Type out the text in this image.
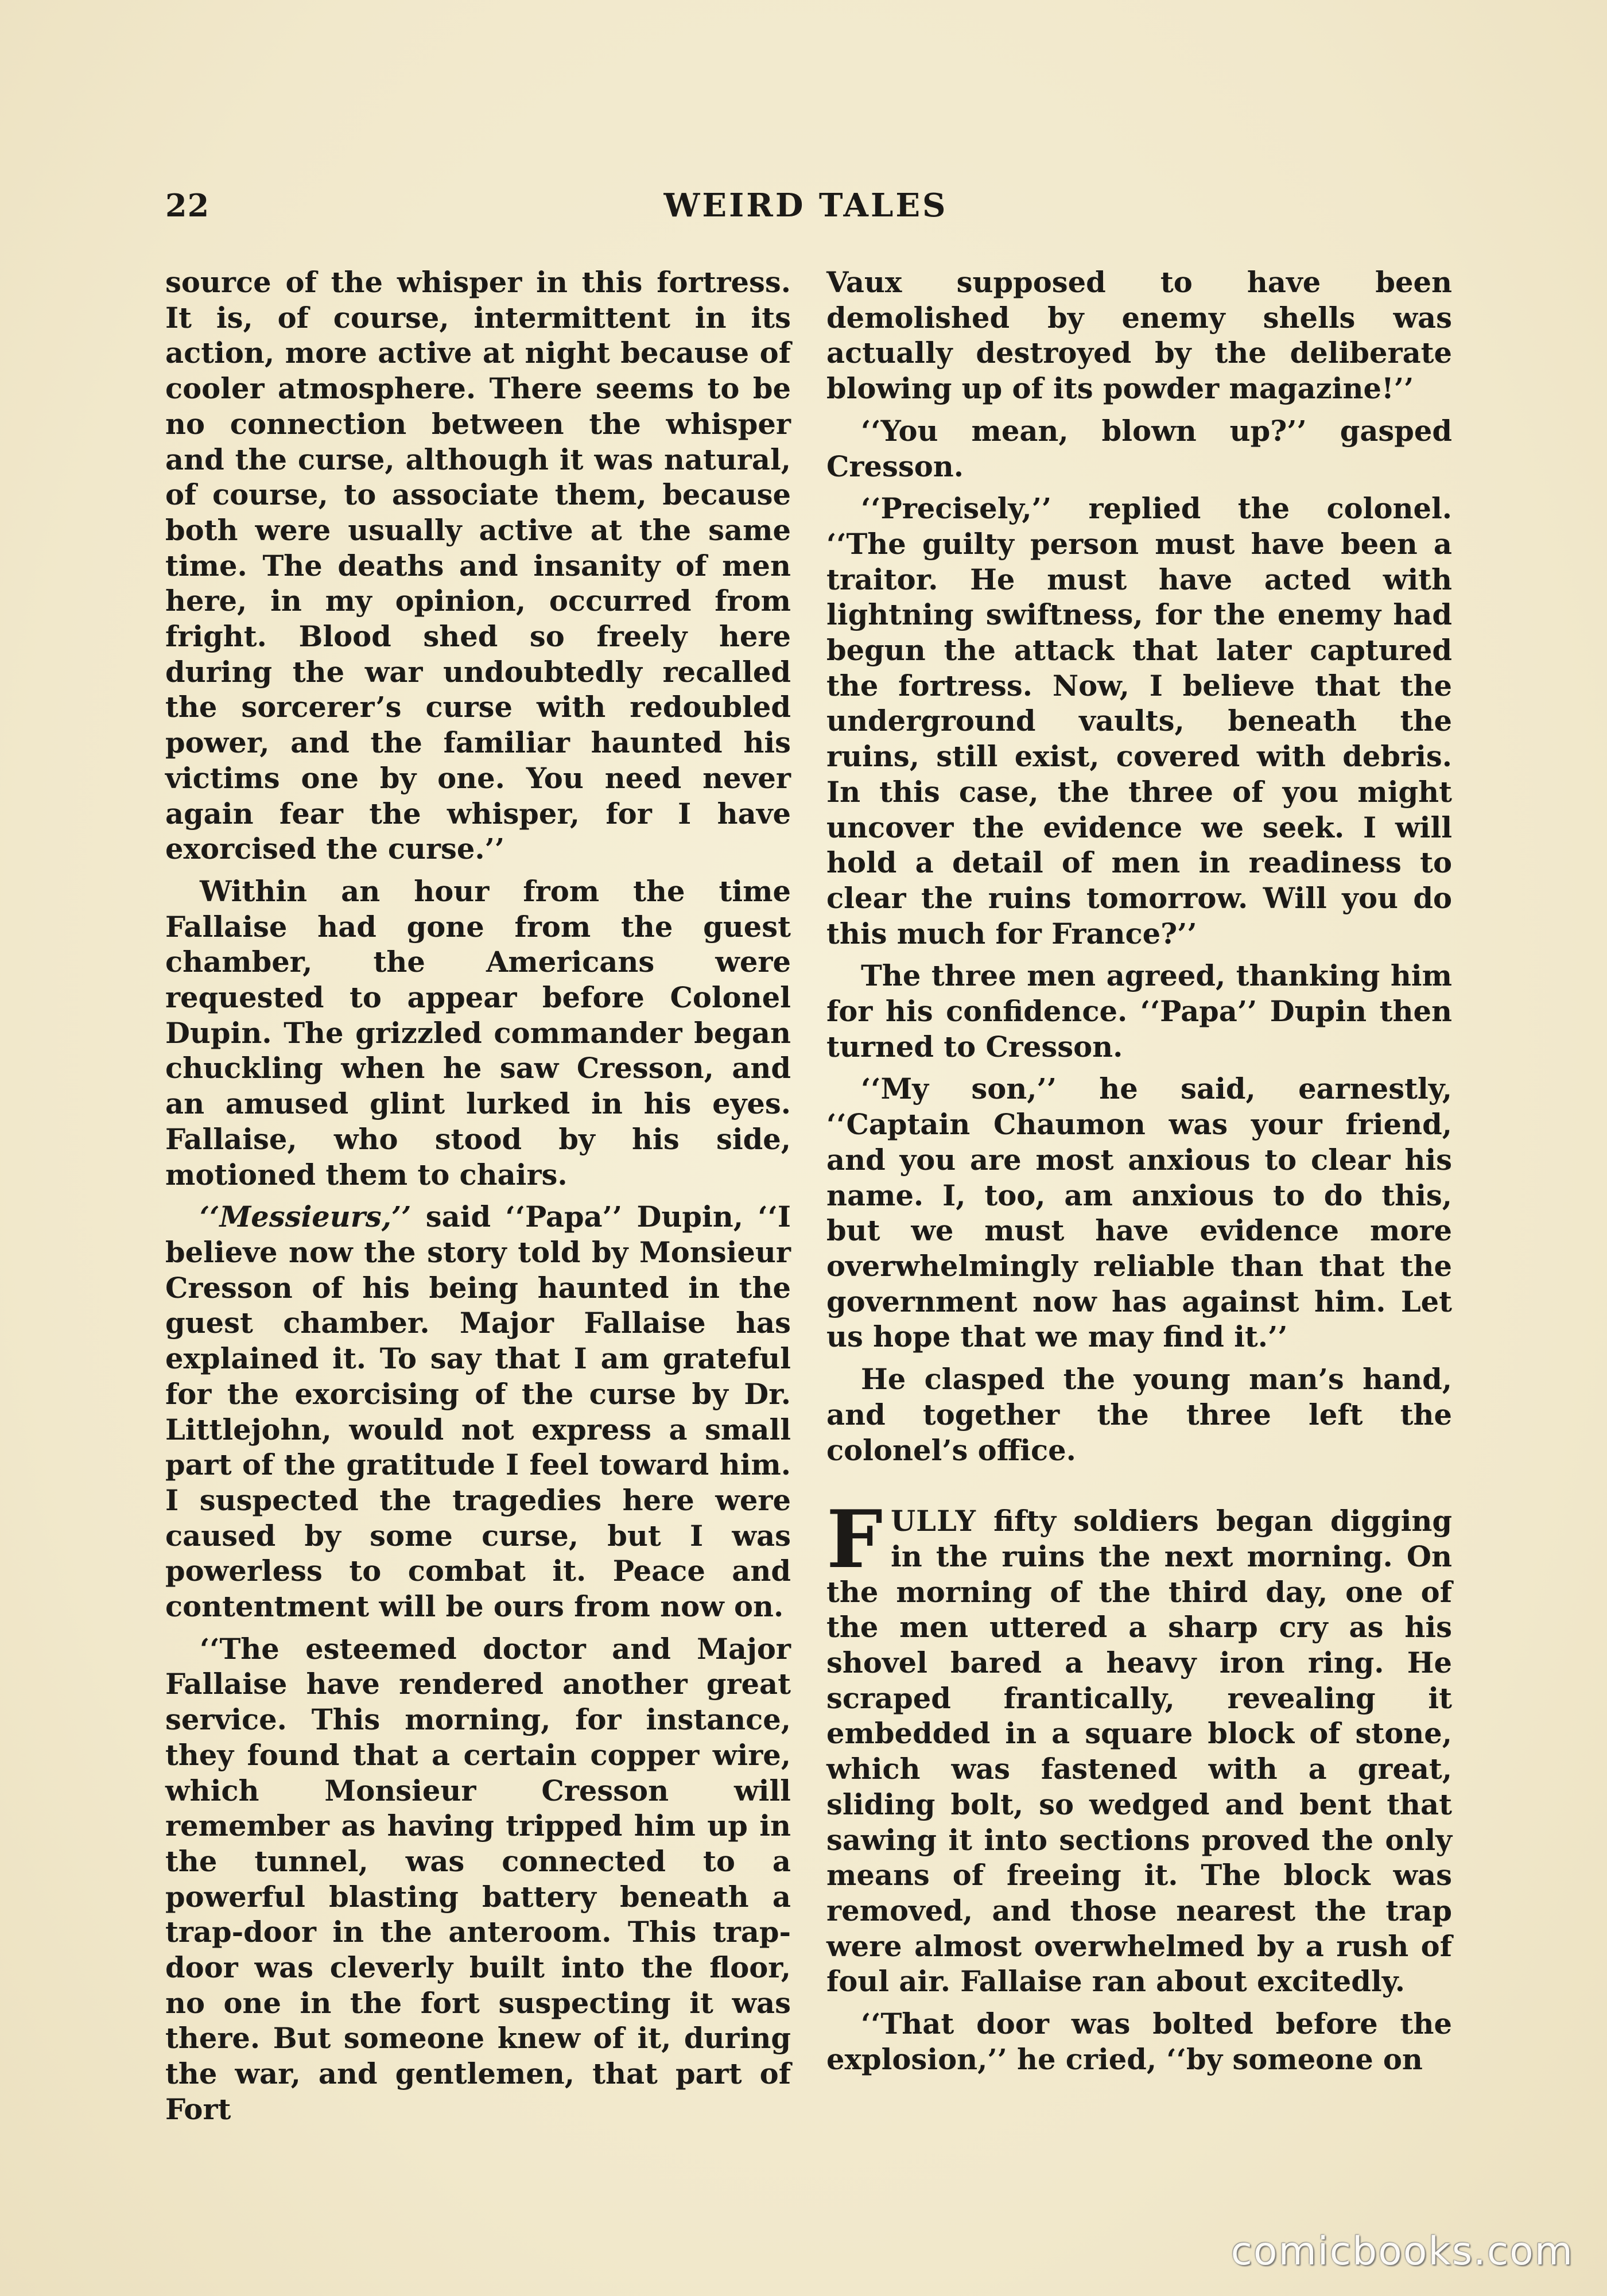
22	WEIRD TALES

source of the whisper in this fortress. It is, of course, intermittent in its action, more active at night because of cooler atmosphere. There seems to be no connection between the whisper and the curse, although it was natural, of course, to associate them, because both were usually active at the same time. The deaths and insanity of men here, in my opinion, occurred from fright. Blood shed so freely here during the war undoubtedly recalled the sorcerer’s curse with redoubled power, and the familiar haunted his victims one by one. You need never again fear the whisper, for I have exorcised the curse.’’

Within an hour from the time Fallaise had gone from the guest chamber, the Americans were requested to appear before Colonel Dupin. The grizzled commander began chuckling when he saw Cresson, and an amused glint lurked in his eyes. Fallaise, who stood by his side, motioned them to chairs.

‘‘Messieurs,’’ said ‘‘Papa’’ Dupin, ‘‘I believe now the story told by Monsieur Cresson of his being haunted in the guest chamber. Major Fallaise has explained it. To say that I am grateful for the exorcising of the curse by Dr. Littlejohn, would not express a small part of the gratitude I feel toward him. I suspected the tragedies here were caused by some curse, but I was powerless to combat it. Peace and contentment will be ours from now on.

‘‘The esteemed doctor and Major Fallaise have rendered another great service. This morning, for instance, they found that a certain copper wire, which Monsieur Cresson will remember as having tripped him up in the tunnel, was connected to a powerful blasting battery beneath a trap-door in the anteroom. This trap-door was cleverly built into the floor, no one in the fort suspecting it was there. But someone knew of it, during the war, and gentlemen, that part of Fort

Vaux supposed to have been demolished by enemy shells was actually destroyed by the deliberate blowing up of its powder magazine!’’

‘‘You mean, blown up?’’ gasped Cresson.

‘‘Precisely,’’ replied the colonel. ‘‘The guilty person must have been a traitor. He must have acted with lightning swiftness, for the enemy had begun the attack that later captured the fortress. Now, I believe that the underground vaults, beneath the ruins, still exist, covered with debris. In this case, the three of you might uncover the evidence we seek. I will hold a detail of men in readiness to clear the ruins tomorrow. Will you do this much for France?’’

The three men agreed, thanking him for his confidence. ‘‘Papa’’ Dupin then turned to Cresson.

‘‘My son,’’ he said, earnestly, ‘‘Captain Chaumon was your friend, and you are most anxious to clear his name. I, too, am anxious to do this, but we must have evidence more overwhelmingly reliable than that the government now has against him. Let us hope that we may find it.’’

He clasped the young man’s hand, and together the three left the colonel’s office.

FULLY fifty soldiers began digging in the ruins the next morning. On the morning of the third day, one of the men uttered a sharp cry as his shovel bared a heavy iron ring. He scraped frantically, revealing it embedded in a square block of stone, which was fastened with a great, sliding bolt, so wedged and bent that sawing it into sections proved the only means of freeing it. The block was removed, and those nearest the trap were almost overwhelmed by a rush of foul air. Fallaise ran about excitedly.

‘‘That door was bolted before the explosion,’’ he cried, ‘‘by someone on

comicbooks.com
